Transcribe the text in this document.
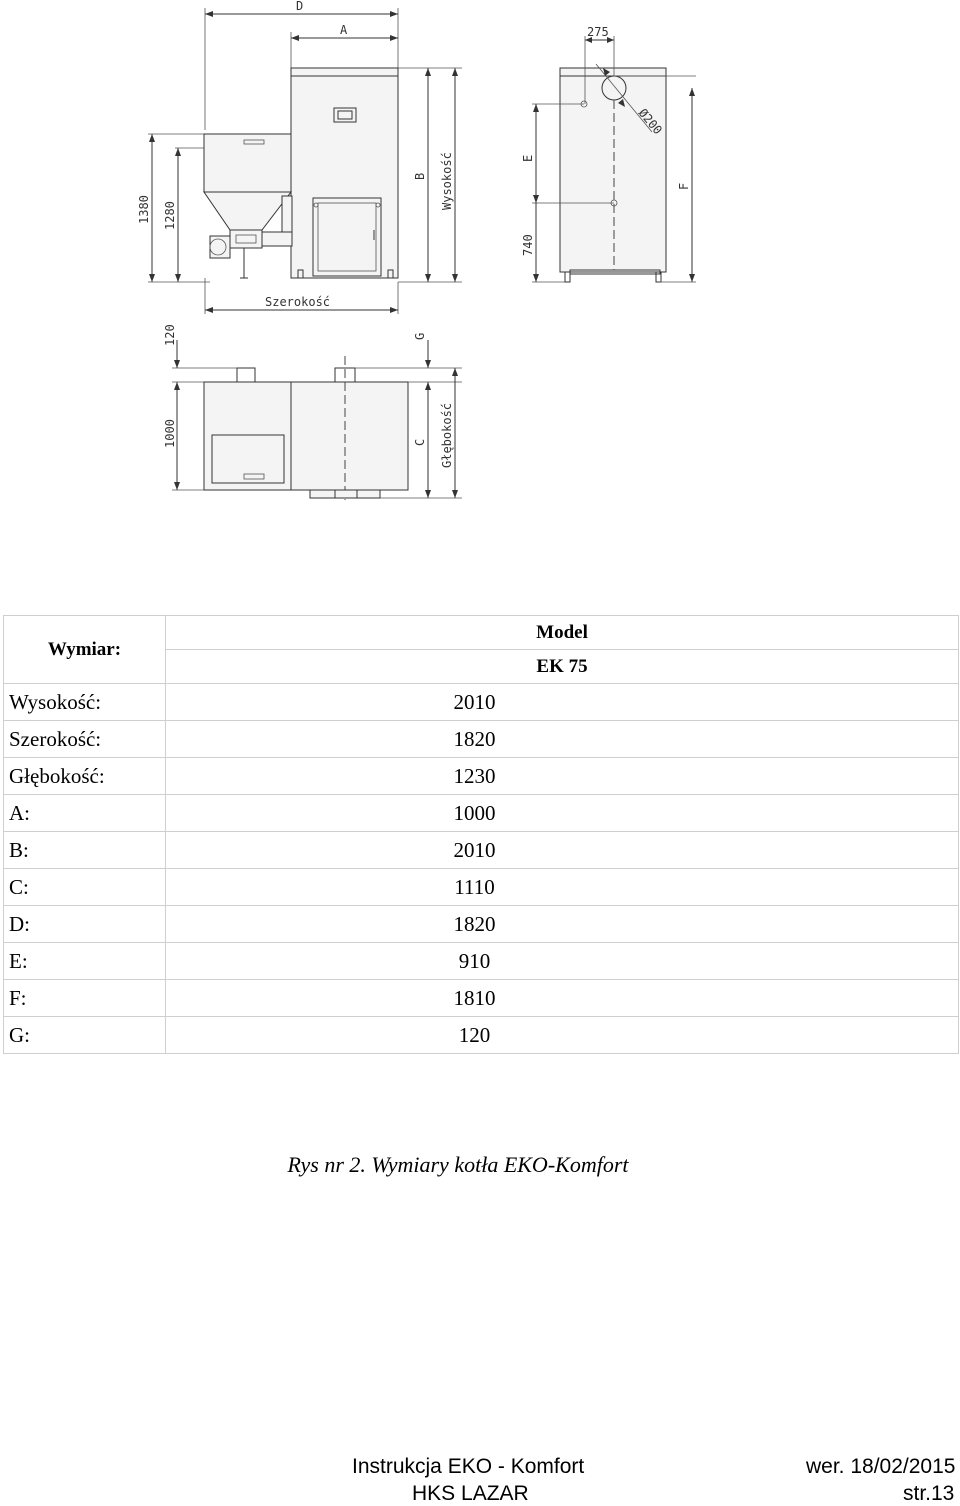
D
A
1380 1280
B Wysokość
Szerokość
Ø200
275
E
740
F
120
1000
G
C Głębokość
Wymiar:	Model
	EK 75
Wysokość:	2010
Szerokość:	1820
Głębokość:	1230
A:	1000
B:	2010
C:	1110
D:	1820
E:	910
F:	1810
G:	120
Rys nr 2. Wymiary kotła EKO-Komfort
Instrukcja EKO - Komfort
HKS LAZAR
wer. 18/02/2015
str.13
